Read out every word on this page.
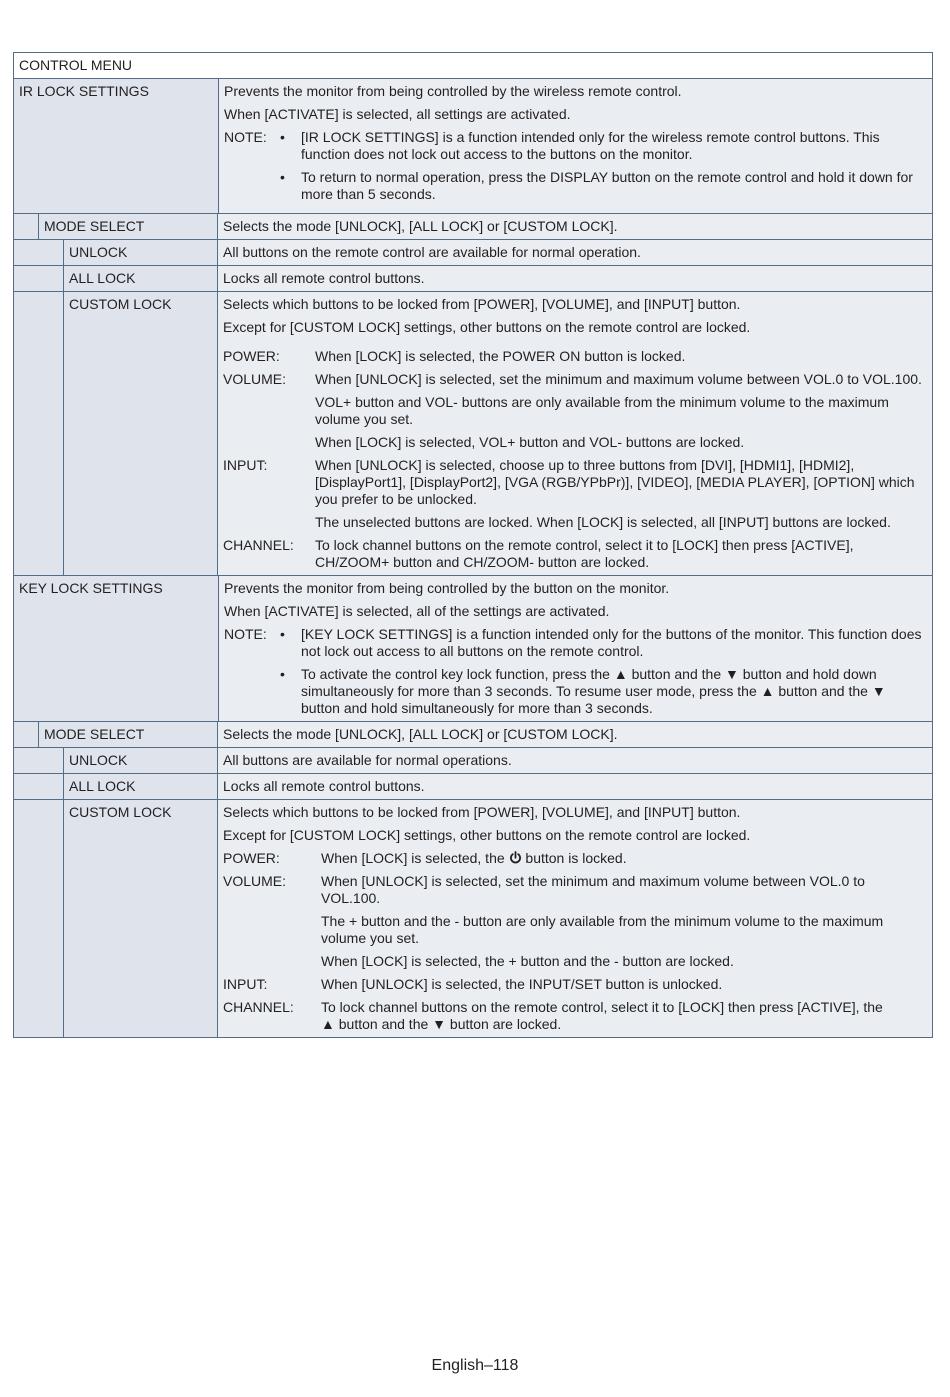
CONTROL MENU
IR LOCK SETTINGS	Prevents the monitor from being controlled by the wireless remote control.

When [ACTIVATE] is selected, all settings are activated.

NOTE: •	[IR LOCK SETTINGS] is a function intended only for the wireless remote control buttons. This function does not lock out access to the buttons on the monitor.
•	To return to normal operation, press the DISPLAY button on the remote control and hold it down for more than 5 seconds.
MODE SELECT	Selects the mode [UNLOCK], [ALL LOCK] or [CUSTOM LOCK].
UNLOCK	All buttons on the remote control are available for normal operation.
ALL LOCK	Locks all remote control buttons.
CUSTOM LOCK	Selects which buttons to be locked from [POWER], [VOLUME], and [INPUT] button.

Except for [CUSTOM LOCK] settings, other buttons on the remote control are locked.

POWER:	When [LOCK] is selected, the POWER ON button is locked.
VOLUME:	When [UNLOCK] is selected, set the minimum and maximum volume between VOL.0 to VOL.100.

VOL+ button and VOL- buttons are only available from the minimum volume to the maximum volume you set.

When [LOCK] is selected, VOL+ button and VOL- buttons are locked.

INPUT:	When [UNLOCK] is selected, choose up to three buttons from [DVI], [HDMI1], [HDMI2], [DisplayPort1], [DisplayPort2], [VGA (RGB/YPbPr)], [VIDEO], [MEDIA PLAYER], [OPTION] which you prefer to be unlocked.

The unselected buttons are locked. When [LOCK] is selected, all [INPUT] buttons are locked.

CHANNEL:	To lock channel buttons on the remote control, select it to [LOCK] then press [ACTIVE], CH/ZOOM+ button and CH/ZOOM- button are locked.
KEY LOCK SETTINGS	Prevents the monitor from being controlled by the button on the monitor.

When [ACTIVATE] is selected, all of the settings are activated.

NOTE: •	[KEY LOCK SETTINGS] is a function intended only for the buttons of the monitor. This function does not lock out access to all buttons on the remote control.
•	To activate the control key lock function, press the ▲ button and the ▼ button and hold down simultaneously for more than 3 seconds. To resume user mode, press the ▲ button and the ▼ button and hold simultaneously for more than 3 seconds.
MODE SELECT	Selects the mode [UNLOCK], [ALL LOCK] or [CUSTOM LOCK].
UNLOCK	All buttons are available for normal operations.
ALL LOCK	Locks all remote control buttons.
CUSTOM LOCK	Selects which buttons to be locked from [POWER], [VOLUME], and [INPUT] button.

Except for [CUSTOM LOCK] settings, other buttons on the remote control are locked.

POWER:	When [LOCK] is selected, the button is locked.
VOLUME:	When [UNLOCK] is selected, set the minimum and maximum volume between VOL.0 to VOL.100.

The + button and the - button are only available from the minimum volume to the maximum volume you set.

When [LOCK] is selected, the + button and the - button are locked.

INPUT:	When [UNLOCK] is selected, the INPUT/SET button is unlocked.
CHANNEL:	To lock channel buttons on the remote control, select it to [LOCK] then press [ACTIVE], the
▲ button and the ▼ button are locked.
English–118
